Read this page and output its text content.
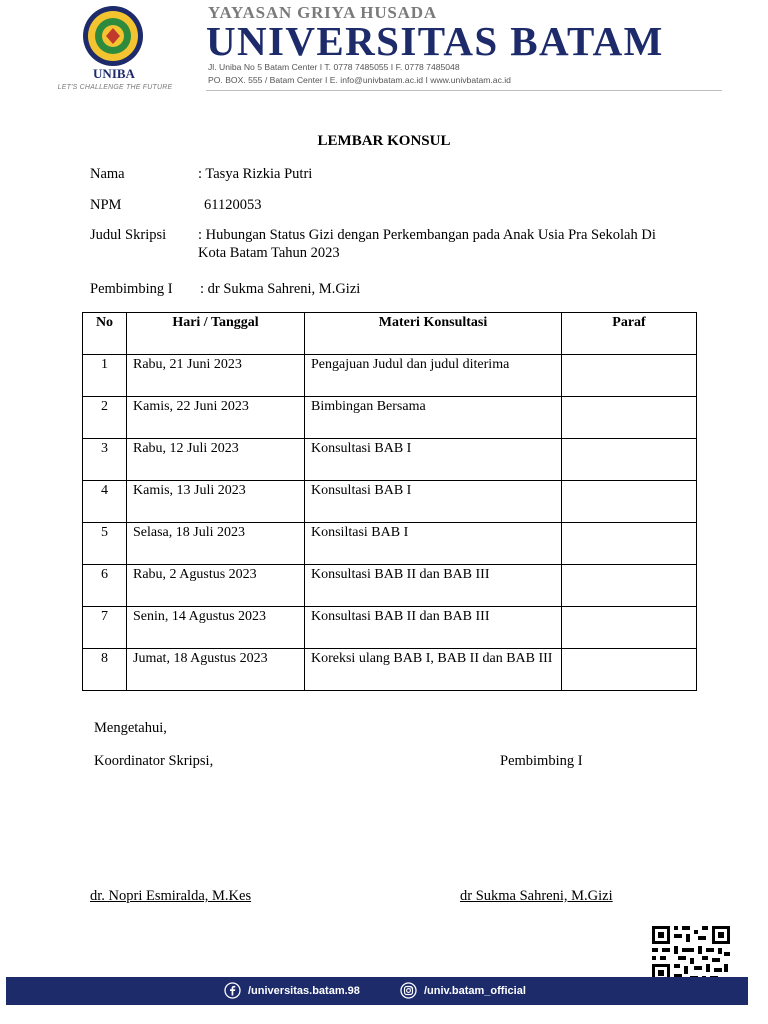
UNIBA
LET'S CHALLENGE THE FUTURE
YAYASAN GRIYA HUSADA
UNIVERSITAS BATAM
Jl. Uniba No 5 Batam Center I T. 0778 7485055 I F. 0778 7485048
PO. BOX. 555 / Batam Center I E. info@univbatam.ac.id I www.univbatam.ac.id
LEMBAR KONSUL
Nama	: Tasya Rizkia Putri
NPM	61120053
Judul Skripsi : Hubungan Status Gizi dengan Perkembangan pada Anak Usia Pra Sekolah Di
Kota Batam Tahun 2023
Pembimbing I : dr Sukma Sahreni, M.Gizi
No	Hari / Tanggal	Materi Konsultasi	Paraf
1	Rabu, 21 Juni 2023	Pengajuan Judul dan judul diterima	
2	Kamis, 22 Juni 2023	Bimbingan Bersama	
3	Rabu, 12 Juli 2023	Konsultasi BAB I	
4	Kamis, 13 Juli 2023	Konsultasi BAB I	
5	Selasa, 18 Juli 2023	Konsiltasi BAB I	
6	Rabu, 2 Agustus 2023	Konsultasi BAB II dan BAB III	
7	Senin, 14 Agustus 2023	Konsultasi BAB II dan BAB III	
8	Jumat, 18 Agustus 2023	Koreksi ulang BAB I, BAB II dan BAB III	
Mengetahui,
Koordinator Skripsi,	Pembimbing I
dr. Nopri Esmiralda, M.Kes	dr Sukma Sahreni, M.Gizi
/universitas.batam.98	/univ.batam_official
